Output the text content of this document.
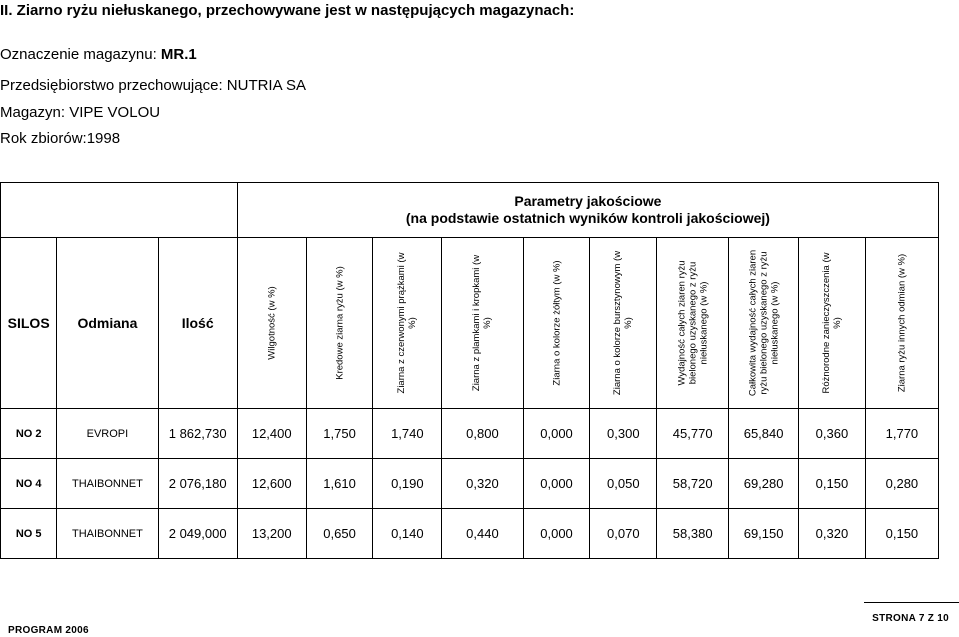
II. Ziarno ryżu niełuskanego, przechowywane jest w następujących magazynach:
Oznaczenie magazynu: MR.1
Przedsiębiorstwo przechowujące: NUTRIA SA
Magazyn: VIPE VOLOU
Rok zbiorów:1998

			Parametry jakościowe
(na podstawie ostatnich wyników kontroli jakościowej)									

SILOS	Odmiana	Ilość	Wilgotność (w %)	Kredowe ziarna ryżu (w %)	Ziarna z czerwonymi prążkami (w %)	Ziarna z plamkami i kropkami (w %)	Ziarna o kolorze żółtym (w %)	Ziarna o kolorze bursztynowym (w %)	Wydajność całych ziaren ryżu bielonego uzyskanego z ryżu niełuskanego (w %)	Całkowita wydajność całych ziaren ryżu bielonego uzyskanego z ryżu niełuskanego (w %)	Różnorodne zanieczyszczenia (w %)	Ziarna ryżu innych odmian (w %)

NO 2	EVROPI	1 862,730	12,400	1,750	1,740	0,800	0,000	0,300	45,770	65,840	0,360	1,770
NO 4	THAIBONNET	2 076,180	12,600	1,610	0,190	0,320	0,000	0,050	58,720	69,280	0,150	0,280
NO 5	THAIBONNET	2 049,000	13,200	0,650	0,140	0,440	0,000	0,070	58,380	69,150	0,320	0,150
PROGRAM 2006
STRONA 7 Z 10
